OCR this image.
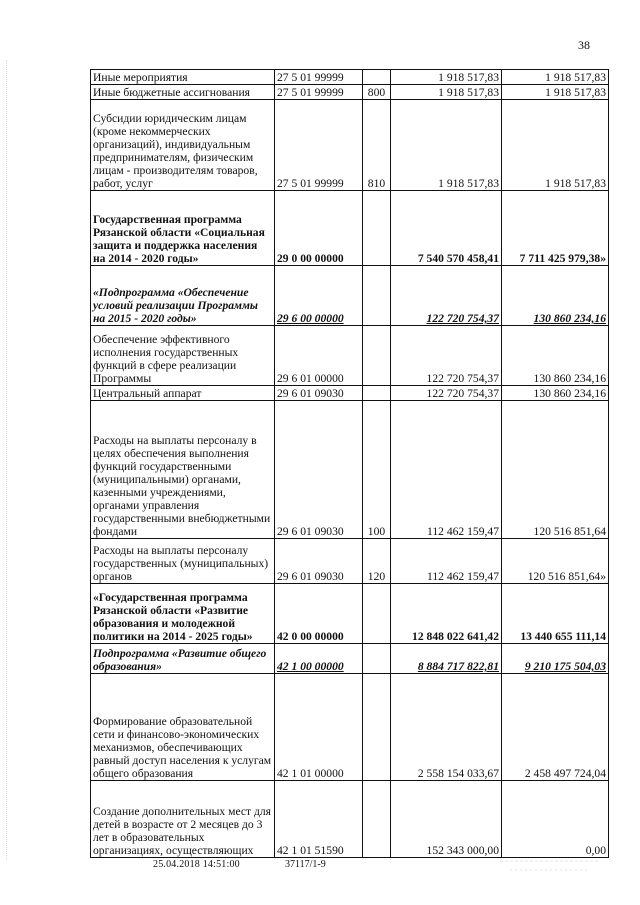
38
Иные мероприятия	27 5 01 99999		1 918 517,83	1 918 517,83
Иные бюджетные ассигнования	27 5 01 99999	800	1 918 517,83	1 918 517,83
Субсидии юридическим лицам (кроме некоммерческих организаций), индивидуальным предпринимателям, физическим лицам - производителям товаров, работ, услуг	27 5 01 99999	810	1 918 517,83	1 918 517,83
Государственная программа Рязанской области «Социальная защита и поддержка населения на 2014 - 2020 годы»	29 0 00 00000		7 540 570 458,41	7 711 425 979,38»
«Подпрограмма «Обеспечение условий реализации Программы на 2015 - 2020 годы»	29 6 00 00000		122 720 754,37	130 860 234,16
Обеспечение эффективного исполнения государственных функций в сфере реализации Программы	29 6 01 00000		122 720 754,37	130 860 234,16
Центральный аппарат	29 6 01 09030		122 720 754,37	130 860 234,16
Расходы на выплаты персоналу в целях обеспечения выполнения функций государственными (муниципальными) органами, казенными учреждениями, органами управления государственными внебюджетными фондами	29 6 01 09030	100	112 462 159,47	120 516 851,64
Расходы на выплаты персоналу государственных (муниципальных) органов	29 6 01 09030	120	112 462 159,47	120 516 851,64»
«Государственная программа Рязанской области «Развитие образования и молодежной политики на 2014 - 2025 годы»	42 0 00 00000		12 848 022 641,42	13 440 655 111,14
Подпрограмма «Развитие общего образования»	42 1 00 00000		8 884 717 822,81	9 210 175 504,03
Формирование образовательной сети и финансово-экономических механизмов, обеспечивающих равный доступ населения к услугам общего образования	42 1 01 00000		2 558 154 033,67	2 458 497 724,04
Создание дополнительных мест для детей в возрасте от 2 месяцев до 3 лет в образовательных организациях, осуществляющих	42 1 01 51590		152 343 000,00	0,00
25.04.2018 14:51:00	37117/1-9
